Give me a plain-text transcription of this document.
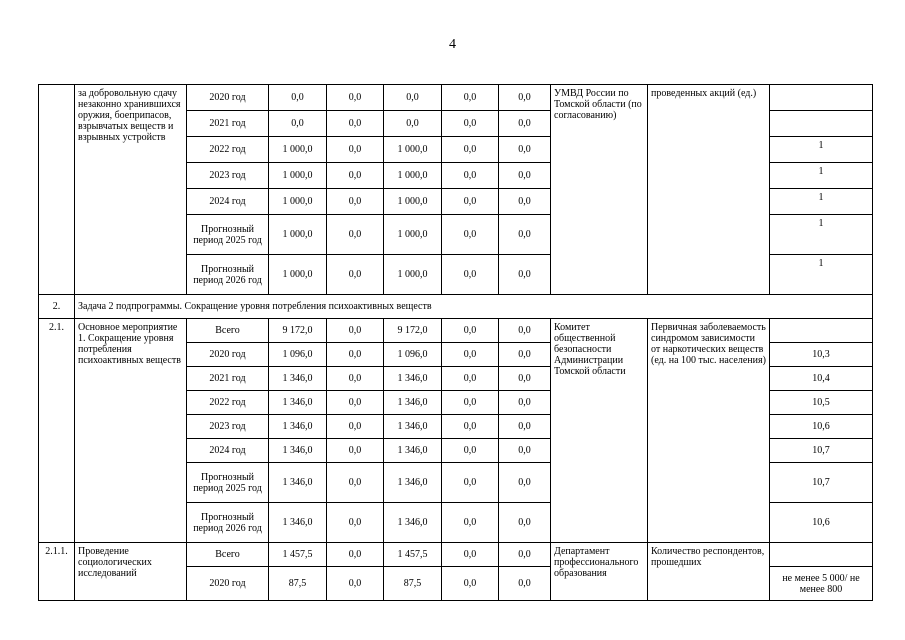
4
	за добровольную сдачу незаконно хранившихся оружия, боеприпасов, взрывчатых веществ и взрывных устройств	2020 год	0,0	0,0	0,0	0,0	0,0	УМВД России по Томской области (по согласованию)	проведенных акций (ед.)	
		2021 год	0,0	0,0	0,0	0,0	0,0			
		2022 год	1 000,0	0,0	1 000,0	0,0	0,0			1
		2023 год	1 000,0	0,0	1 000,0	0,0	0,0			1
		2024 год	1 000,0	0,0	1 000,0	0,0	0,0			1
		Прогнозный период 2025 год	1 000,0	0,0	1 000,0	0,0	0,0			1
		Прогнозный период 2026 год	1 000,0	0,0	1 000,0	0,0	0,0			1
2.	Задача 2 подпрограммы. Сокращение уровня потребления психоактивных веществ									
2.1.	Основное мероприятие 1. Сокращение уровня потребления психоактивных веществ	Всего	9 172,0	0,0	9 172,0	0,0	0,0	Комитет общественной безопасности Администрации Томской области	Первичная заболеваемость синдромом зависимости от наркотических веществ (ед. на 100 тыс. населения)	
		2020 год	1 096,0	0,0	1 096,0	0,0	0,0			10,3
		2021 год	1 346,0	0,0	1 346,0	0,0	0,0			10,4
		2022 год	1 346,0	0,0	1 346,0	0,0	0,0			10,5
		2023 год	1 346,0	0,0	1 346,0	0,0	0,0			10,6
		2024 год	1 346,0	0,0	1 346,0	0,0	0,0			10,7
		Прогнозный период 2025 год	1 346,0	0,0	1 346,0	0,0	0,0			10,7
		Прогнозный период 2026 год	1 346,0	0,0	1 346,0	0,0	0,0			10,6
2.1.1.	Проведение социологических исследований	Всего	1 457,5	0,0	1 457,5	0,0	0,0	Департамент профессионального образования	Количество респондентов, прошедших	
		2020 год	87,5	0,0	87,5	0,0	0,0			не менее 5 000/ не менее 800
